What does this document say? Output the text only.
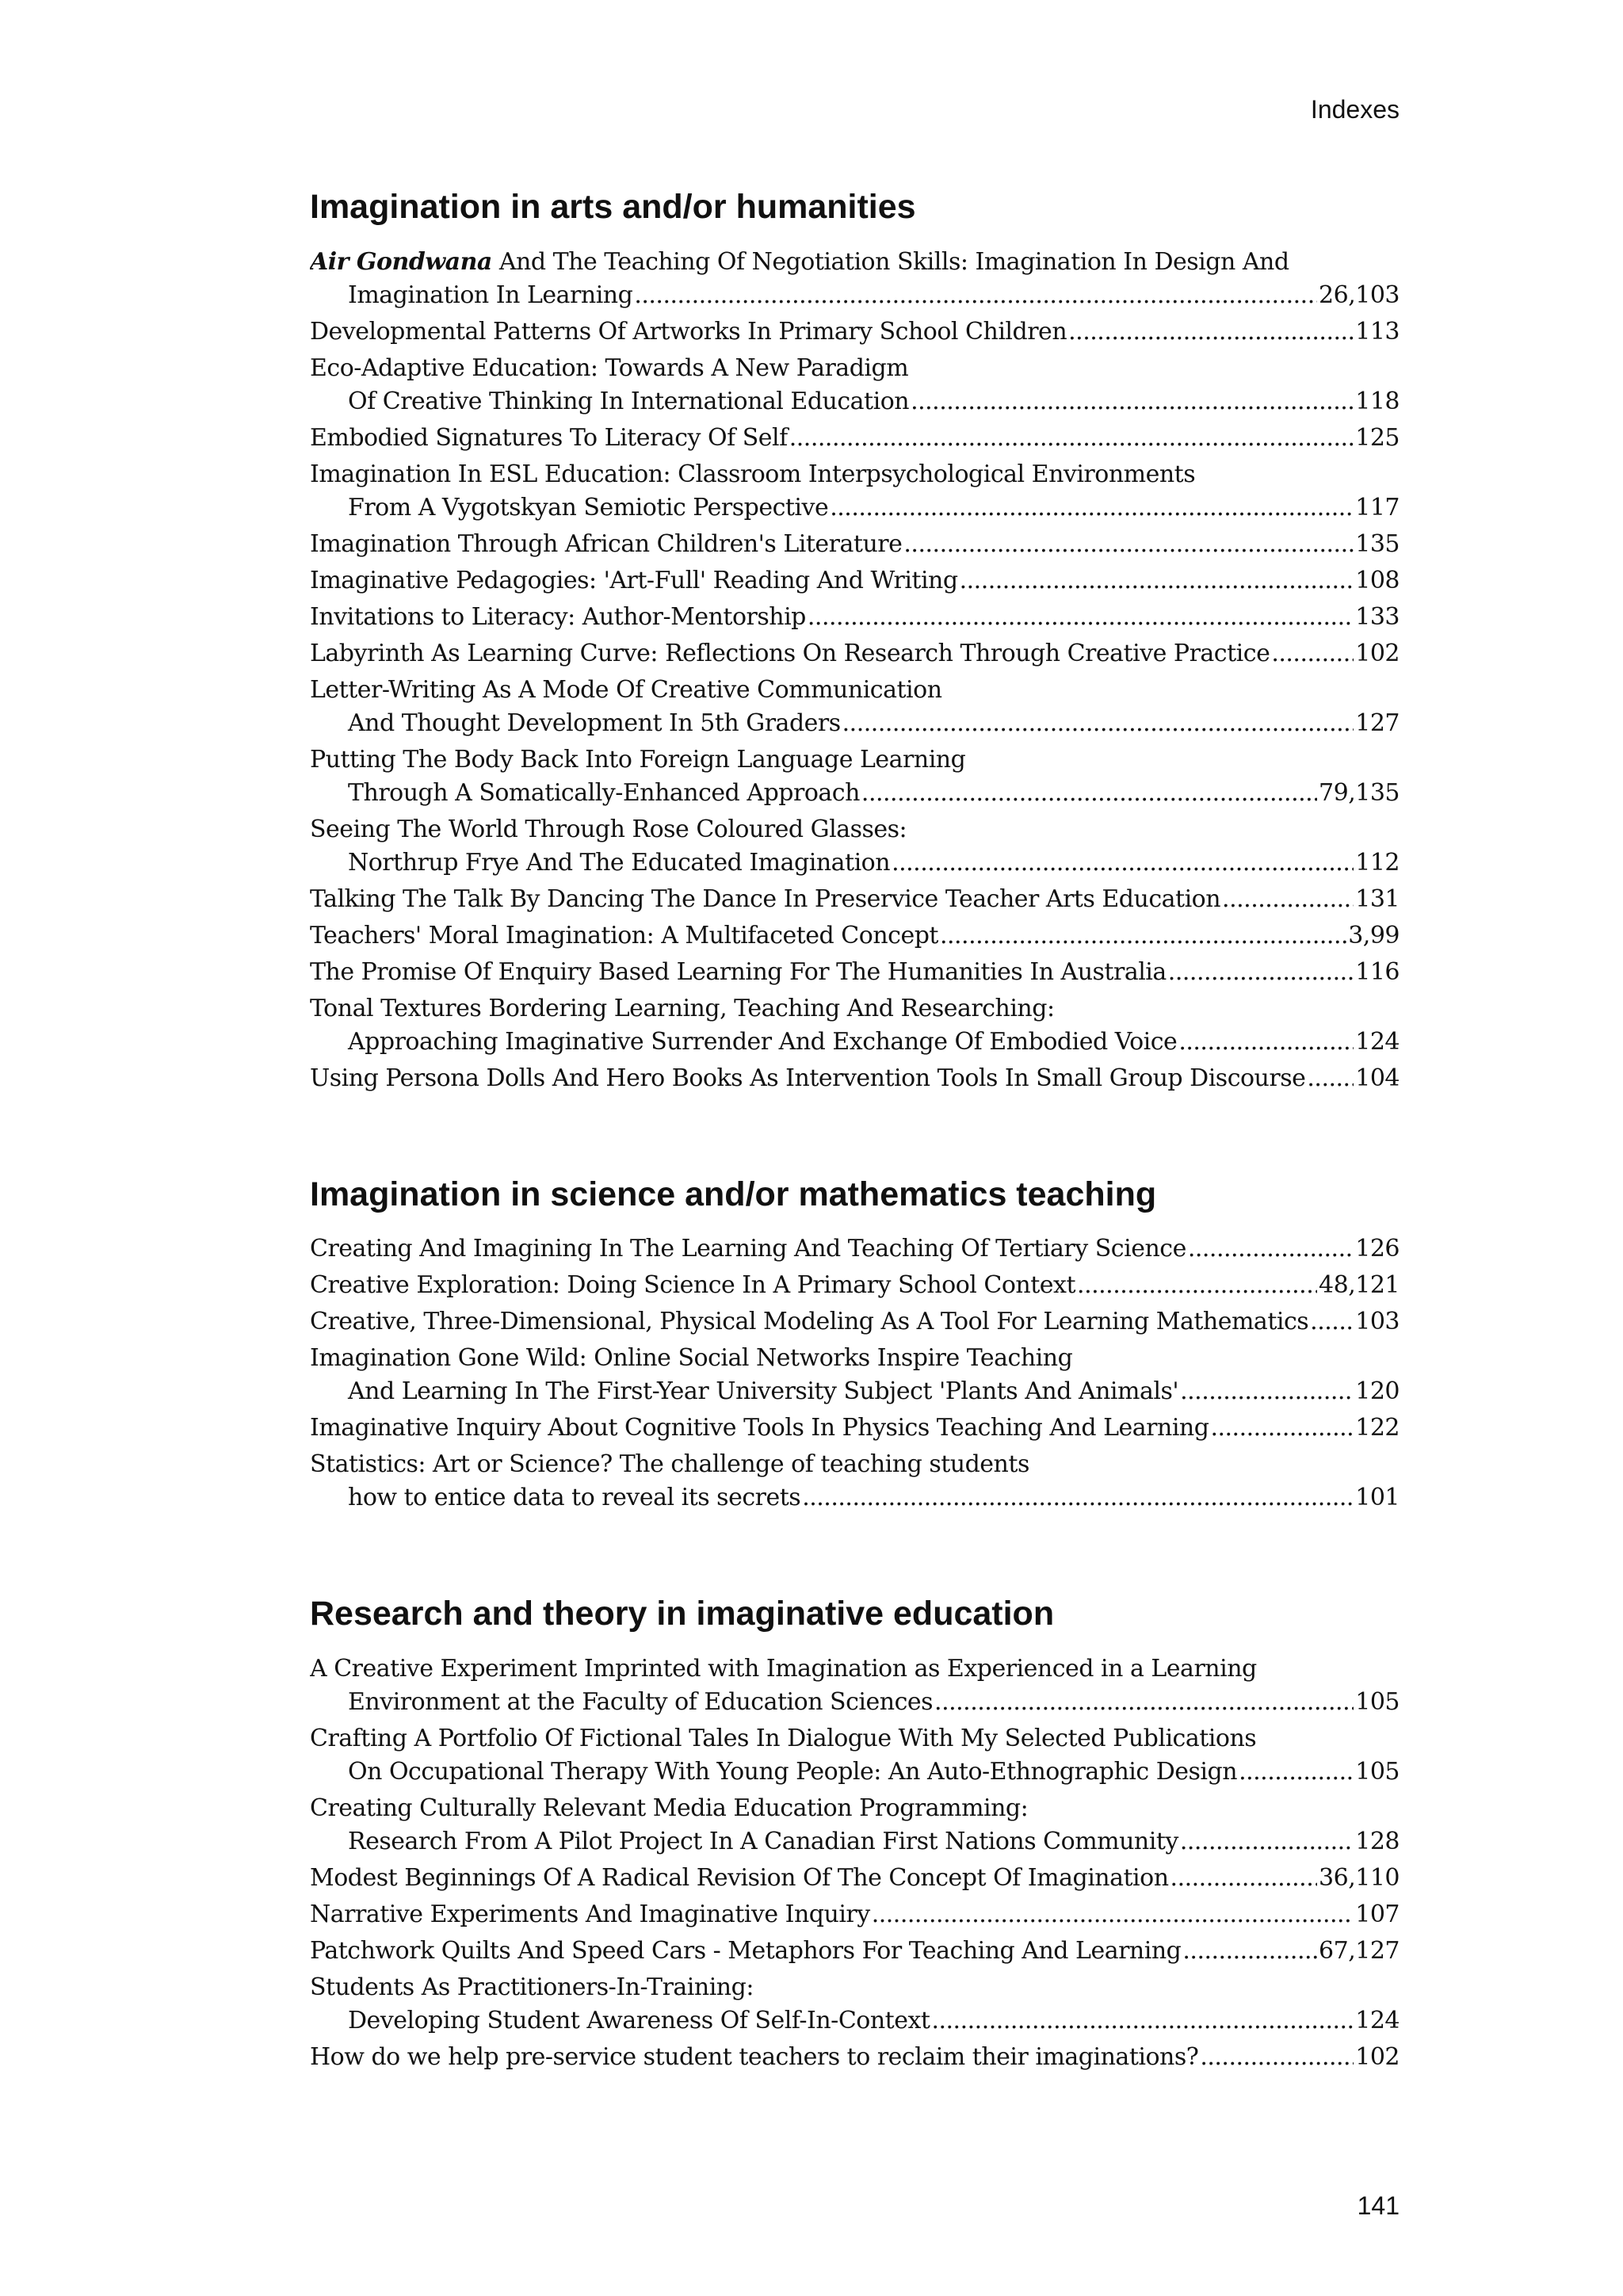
Indexes
Imagination in arts and/or humanities
Air Gondwana And The Teaching Of Negotiation Skills: Imagination In Design And
Imagination In Learning .....	26,103
Developmental Patterns Of Artworks In Primary School Children .....	113
Eco-Adaptive Education: Towards A New Paradigm
Of Creative Thinking In International Education .....	118
Embodied Signatures To Literacy Of Self .....	125
Imagination In ESL Education: Classroom Interpsychological Environments
From A Vygotskyan Semiotic Perspective .....	117
Imagination Through African Children's Literature .....	135
Imaginative Pedagogies: 'Art-Full' Reading And Writing .....	108
Invitations to Literacy: Author-Mentorship .....	133
Labyrinth As Learning Curve: Reflections On Research Through Creative Practice .....	102
Letter-Writing As A Mode Of Creative Communication
And Thought Development In 5th Graders .....	127
Putting The Body Back Into Foreign Language Learning
Through A Somatically-Enhanced Approach .....	79,135
Seeing The World Through Rose Coloured Glasses:
Northrup Frye And The Educated Imagination .....	112
Talking The Talk By Dancing The Dance In Preservice Teacher Arts Education .....	131
Teachers' Moral Imagination: A Multifaceted Concept .....	3,99
The Promise Of Enquiry Based Learning For The Humanities In Australia .....	116
Tonal Textures Bordering Learning, Teaching And Researching:
Approaching Imaginative Surrender And Exchange Of Embodied Voice .....	124
Using Persona Dolls And Hero Books As Intervention Tools In Small Group Discourse ..... 104
Imagination in science and/or mathematics teaching
Creating And Imagining In The Learning And Teaching Of Tertiary Science .....	126
Creative Exploration: Doing Science In A Primary School Context .....	48,121
Creative, Three-Dimensional, Physical Modeling As A Tool For Learning Mathematics ..... 103
Imagination Gone Wild: Online Social Networks Inspire Teaching
And Learning In The First-Year University Subject 'Plants And Animals' .....	120
Imaginative Inquiry About Cognitive Tools In Physics Teaching And Learning .....	122
Statistics: Art or Science? The challenge of teaching students
how to entice data to reveal its secrets .....	101
Research and theory in imaginative education
A Creative Experiment Imprinted with Imagination as Experienced in a Learning
Environment at the Faculty of Education Sciences .....	105
Crafting A Portfolio Of Fictional Tales In Dialogue With My Selected Publications
On Occupational Therapy With Young People: An Auto-Ethnographic Design .....	105
Creating Culturally Relevant Media Education Programming:
Research From A Pilot Project In A Canadian First Nations Community .....	128
Modest Beginnings Of A Radical Revision Of The Concept Of Imagination .....	36,110
Narrative Experiments And Imaginative Inquiry .....	107
Patchwork Quilts And Speed Cars - Metaphors For Teaching And Learning .....	67,127
Students As Practitioners-In-Training:
Developing Student Awareness Of Self-In-Context .....	124
How do we help pre-service student teachers to reclaim their imaginations? .....	102
141
